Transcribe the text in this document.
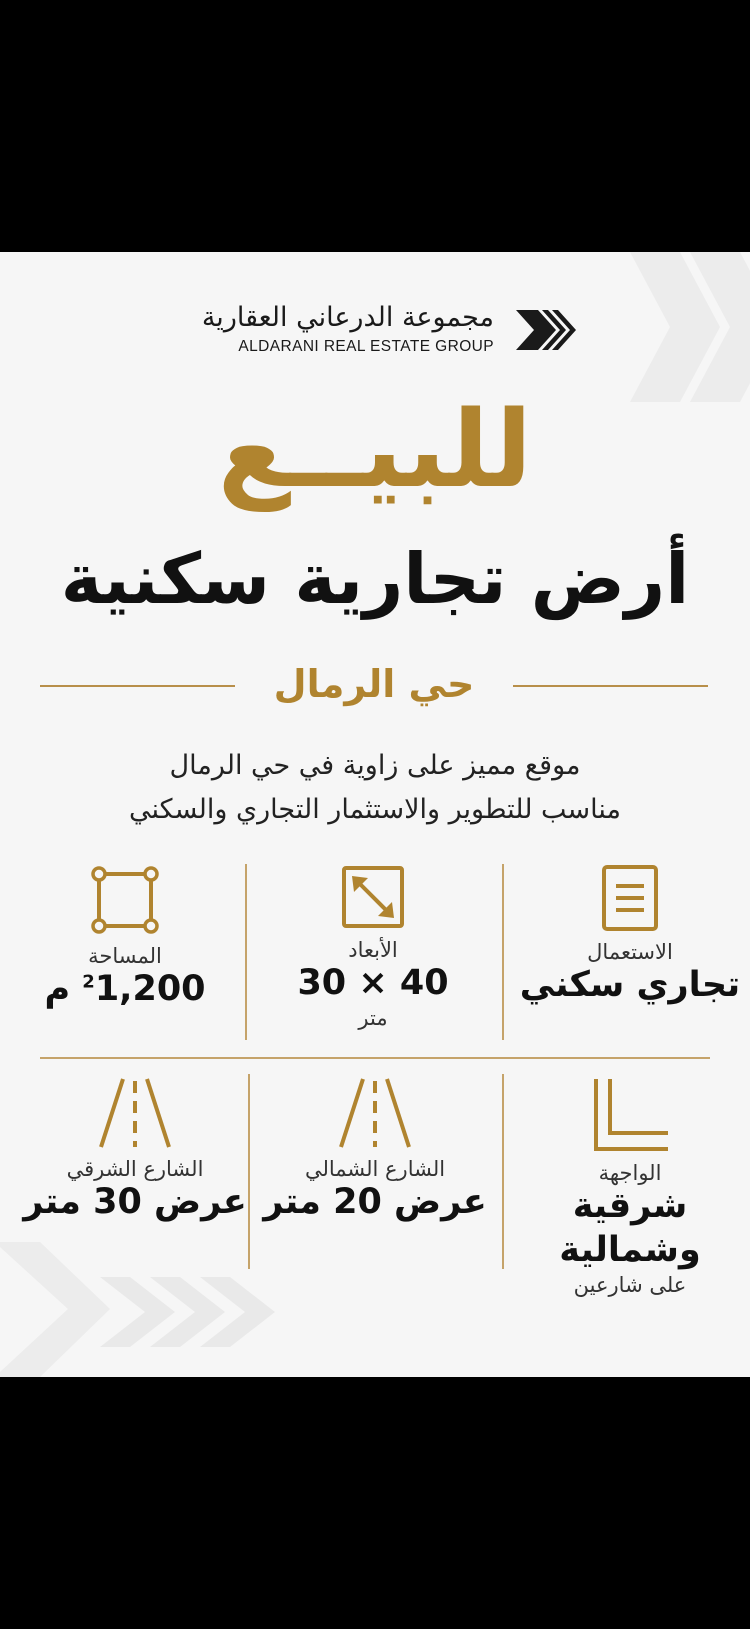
مجموعة الدرعاني العقارية
ALDARANI REAL ESTATE GROUP
للبيــع
أرض تجارية سكنية
حي الرمال
موقع مميز على زاوية في حي الرمال
مناسب للتطوير والاستثمار التجاري والسكني
الاستعمال
تجاري سكني
الأبعاد
30 × 40
متر
المساحة
$^2$1,200 م
الواجهة
شرقية وشمالية
على شارعين
الشارع الشمالي
عرض 20 متر
الشارع الشرقي
عرض 30 متر
